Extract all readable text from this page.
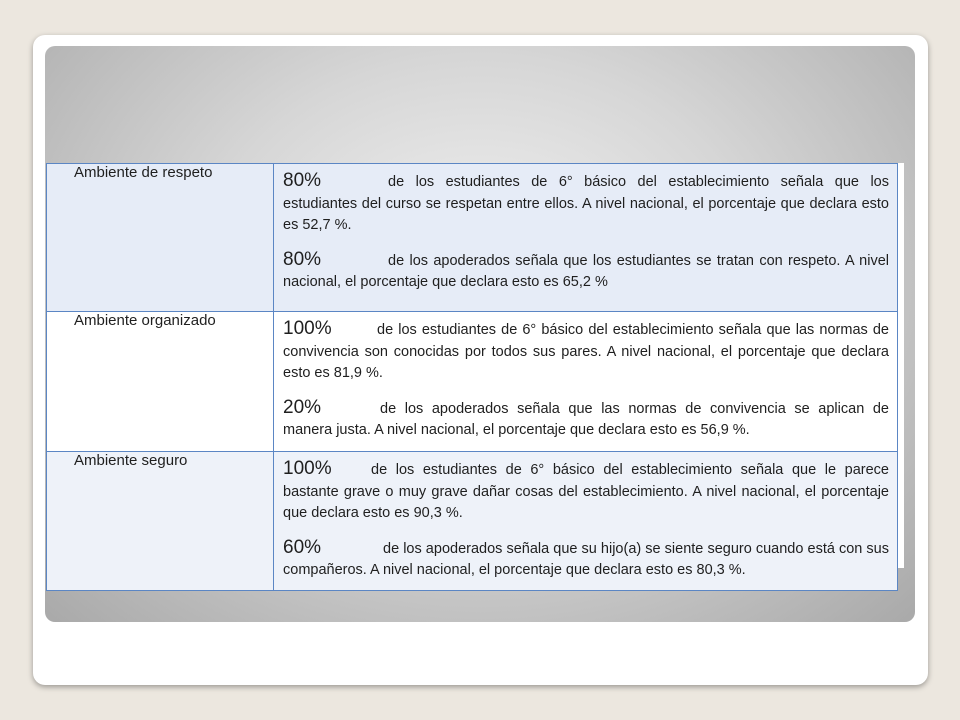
Ambiente de respeto	80% de los estudiantes de 6° básico del establecimiento señala que los estudiantes del curso se respetan entre ellos. A nivel nacional, el porcentaje que declara esto es 52,7 %.
80% de los apoderados señala que los estudiantes se tratan con respeto. A nivel nacional, el porcentaje que declara esto es 65,2 %

Ambiente organizado	100% de los estudiantes de 6° básico del establecimiento señala que las normas de convivencia son conocidas por todos sus pares. A nivel nacional, el porcentaje que declara esto es 81,9 %.
20% de los apoderados señala que las normas de convivencia se aplican de manera justa. A nivel nacional, el porcentaje que declara esto es 56,9 %.

Ambiente seguro	100% de los estudiantes de 6° básico del establecimiento señala que le parece bastante grave o muy grave dañar cosas del establecimiento. A nivel nacional, el porcentaje que declara esto es 90,3 %.
60% de los apoderados señala que su hijo(a) se siente seguro cuando está con sus compañeros. A nivel nacional, el porcentaje que declara esto es 80,3 %.
